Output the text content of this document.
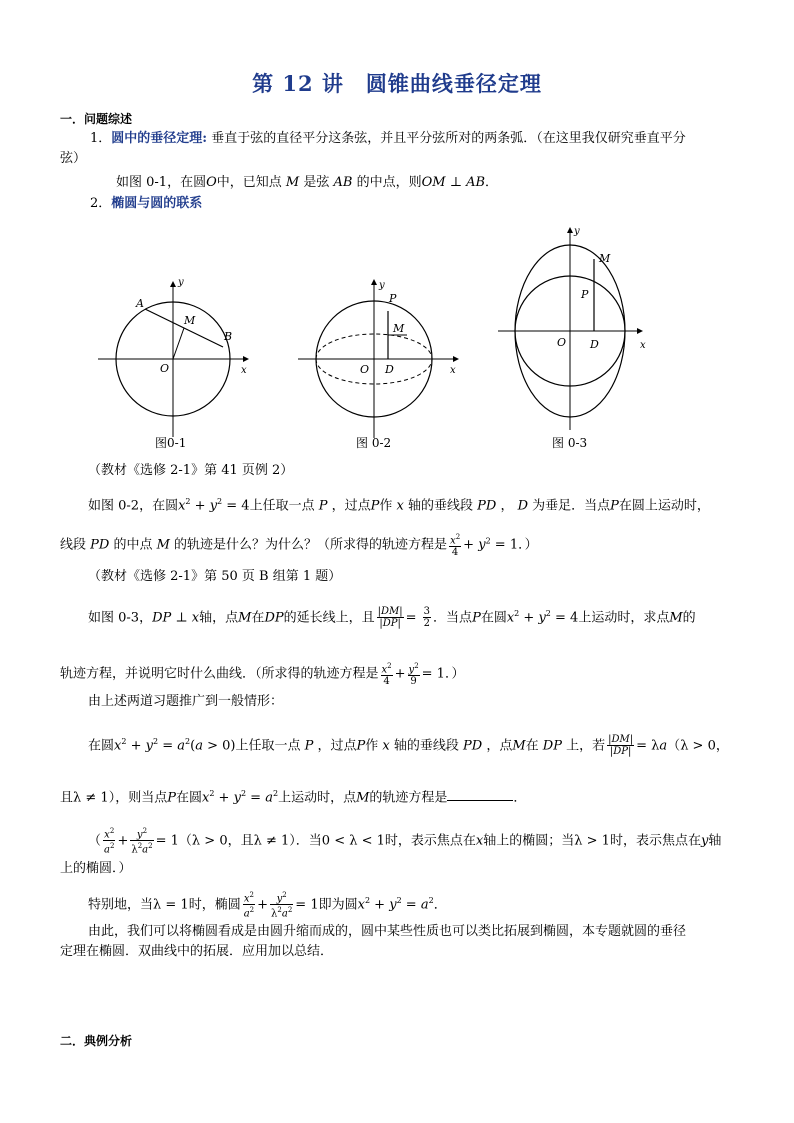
第 12 讲　圆锥曲线垂径定理
一．问题综述
1．圆中的垂径定理: 垂直于弦的直径平分这条弦，并且平分弦所对的两条弧．（在这里我仅研究垂直平分
弦）
如图 0-1，在圆O中，已知点 M 是弦 AB 的中点，则OM ⊥ AB．
2．椭圆与圆的联系
A
B
M
O	x
y
P
M
O D	x
y
M
P
O D	x
y
图0-1	图 0-2	图 0-3
（教材《选修 2-1》第 41 页例 2）
如图 0-2，在圆$x^2 + y^2 = 4$上任取一点 P ，过点P作 x 轴的垂线段 PD ， D 为垂足．当点P在圆上运动时，
线段 PD 的中点 M 的轨迹是什么？为什么？（所求得的轨迹方程是 $\frac{x^2}{4} + y^2 = 1$．）
（教材《选修 2-1》第 50 页 B 组第 1 题）
如图 0-3，DP ⊥ x轴，点M在DP的延长线上，且 $\frac{|DM|}{|DP|} = \frac{3}{2}$ ．当点P在圆$x^2 + y^2 = 4$上运动时，求点M的
轨迹方程，并说明它时什么曲线．（所求得的轨迹方程是 $\frac{x^2}{4} + \frac{y^2}{9} = 1$．）
由上述两道习题推广到一般情形：
在圆$x^2 + y^2 = a^2(a > 0)$上任取一点 P ，过点P作 x 轴的垂线段 PD ，点M在 DP 上，若 $\frac{|DM|}{|DP|} = \lambda a(\lambda > 0$，
且λ ≠ 1），则当点P在圆$x^2 + y^2 = a^2$上运动时，点M的轨迹方程是	．
（ $\frac{x^2}{a^2} + \frac{y^2}{\lambda^2a^2} = 1(\lambda > 0$，且λ ≠ 1）．当0 < λ < 1时，表示焦点在x轴上的椭圆；当λ > 1时，表示焦点在y轴
上的椭圆．）
特别地，当λ = 1时，椭圆 $\frac{x^2}{a^2} + \frac{y^2}{\lambda^2a^2} = 1$即为圆$x^2 + y^2 = a^2$．
由此，我们可以将椭圆看成是由圆升缩而成的，圆中某些性质也可以类比拓展到椭圆，本专题就圆的垂径
定理在椭圆．双曲线中的拓展．应用加以总结．
二．典例分析
